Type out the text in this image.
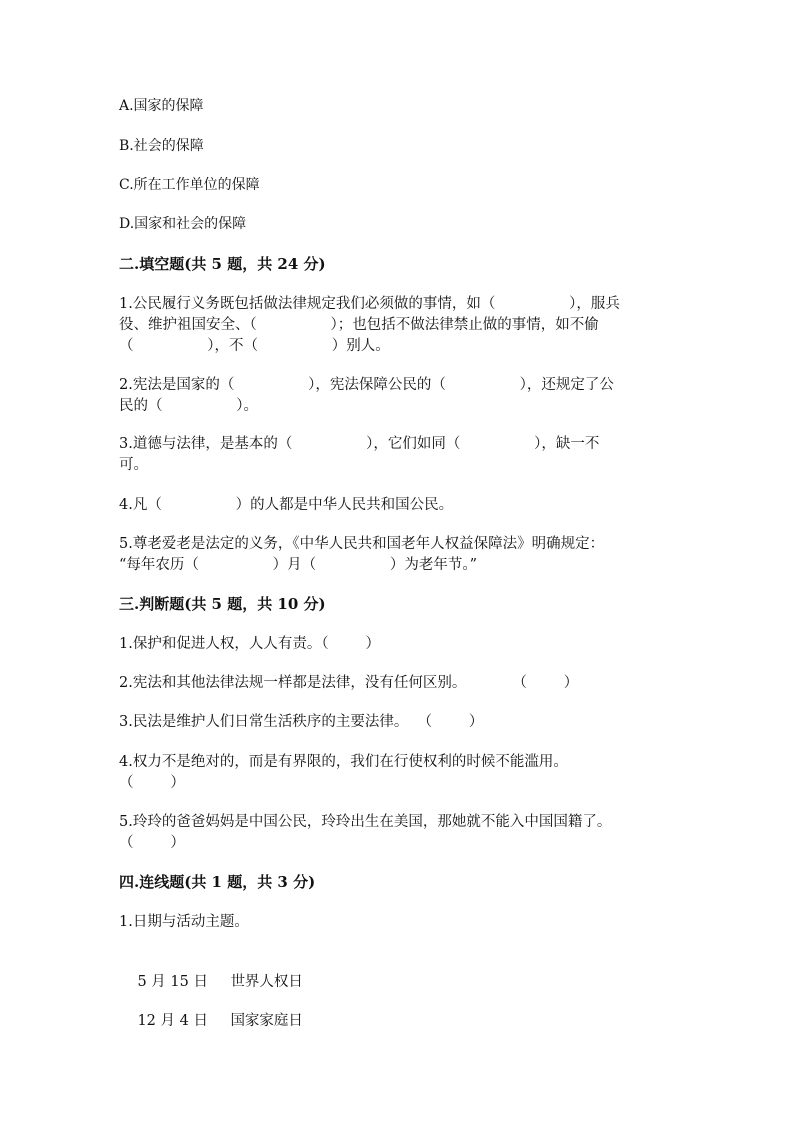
A.国家的保障
B.社会的保障
C.所在工作单位的保障
D.国家和社会的保障
二.填空题(共 5 题，共 24 分)
1.公民履行义务既包括做法律规定我们必须做的事情，如（                ），服兵
役、维护祖国安全、（                ）；也包括不做法律禁止做的事情，如不偷
（                ），不（                ）别人。
2.宪法是国家的（                ），宪法保障公民的（                ），还规定了公
民的（                ）。
3.道德与法律，是基本的（                ），它们如同（                ），缺一不
可。
4.凡（                ）的人都是中华人民共和国公民。
5.尊老爱老是法定的义务，《中华人民共和国老年人权益保障法》明确规定：
“每年农历（                ）月（                ）为老年节。”
三.判断题(共 5 题，共 10 分)
1.保护和促进人权，人人有责。（        ）
2.宪法和其他法律法规一样都是法律，没有任何区别。          （        ）
3.民法是维护人们日常生活秩序的主要法律。  （        ）
4.权力不是绝对的，而是有界限的，我们在行使权利的时候不能滥用。
（        ）
5.玲玲的爸爸妈妈是中国公民，玲玲出生在美国，那她就不能入中国国籍了。
（        ）
四.连线题(共 1 题，共 3 分)
1.日期与活动主题。

5 月 15 日 世界人权日

12 月 4 日 国家家庭日
